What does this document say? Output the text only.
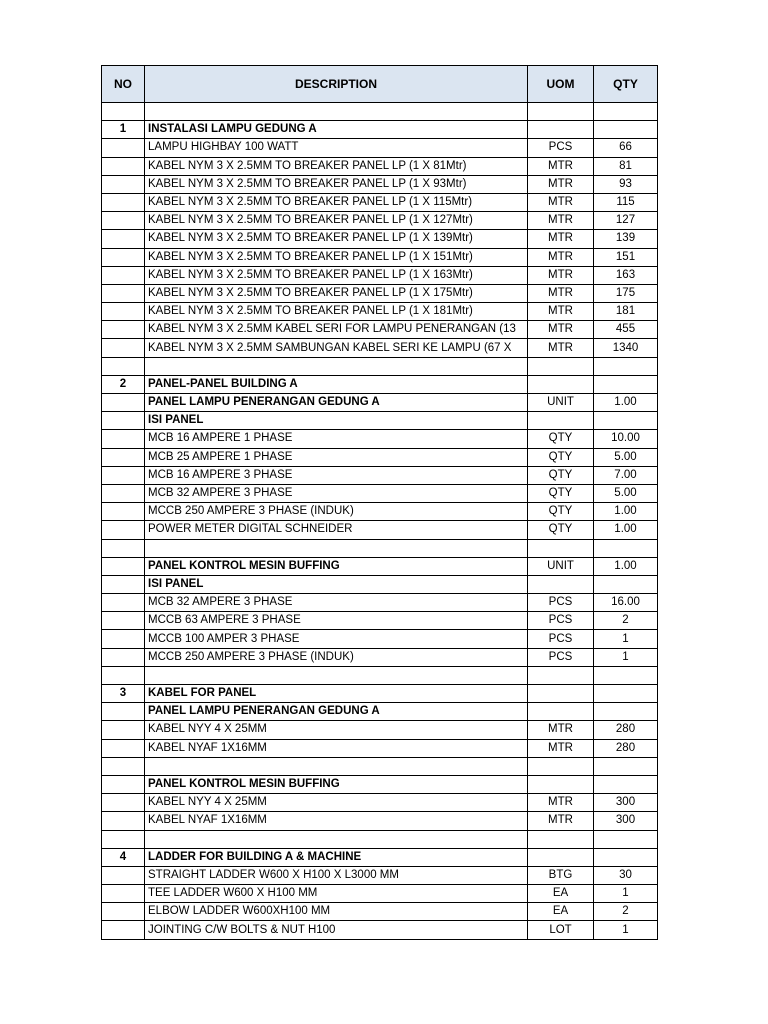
NO	DESCRIPTION	UOM	QTY

1	INSTALASI LAMPU GEDUNG A		
	LAMPU HIGHBAY 100 WATT	PCS	66
	KABEL NYM 3 X 2.5MM TO BREAKER PANEL LP (1 X 81Mtr)	MTR	81
	KABEL NYM 3 X 2.5MM TO BREAKER PANEL LP (1 X 93Mtr)	MTR	93
	KABEL NYM 3 X 2.5MM TO BREAKER PANEL LP (1 X 115Mtr)	MTR	115
	KABEL NYM 3 X 2.5MM TO BREAKER PANEL LP (1 X 127Mtr)	MTR	127
	KABEL NYM 3 X 2.5MM TO BREAKER PANEL LP (1 X 139Mtr)	MTR	139
	KABEL NYM 3 X 2.5MM TO BREAKER PANEL LP (1 X 151Mtr)	MTR	151
	KABEL NYM 3 X 2.5MM TO BREAKER PANEL LP (1 X 163Mtr)	MTR	163
	KABEL NYM 3 X 2.5MM TO BREAKER PANEL LP (1 X 175Mtr)	MTR	175
	KABEL NYM 3 X 2.5MM TO BREAKER PANEL LP (1 X 181Mtr)	MTR	181
	KABEL NYM 3 X 2.5MM KABEL SERI FOR LAMPU PENERANGAN (13	MTR	455
	KABEL NYM 3 X 2.5MM SAMBUNGAN KABEL SERI KE LAMPU (67 X	MTR	1340

2	PANEL-PANEL BUILDING A		
	PANEL LAMPU PENERANGAN GEDUNG A	UNIT	1.00
	ISI PANEL		
	MCB 16 AMPERE 1 PHASE	QTY	10.00
	MCB 25 AMPERE 1 PHASE	QTY	5.00
	MCB 16 AMPERE 3 PHASE	QTY	7.00
	MCB 32 AMPERE 3 PHASE	QTY	5.00
	MCCB 250 AMPERE 3 PHASE (INDUK)	QTY	1.00
	POWER METER DIGITAL SCHNEIDER	QTY	1.00

	PANEL KONTROL MESIN BUFFING	UNIT	1.00
	ISI PANEL		
	MCB 32 AMPERE 3 PHASE	PCS	16.00
	MCCB 63 AMPERE 3 PHASE	PCS	2
	MCCB 100 AMPER 3 PHASE	PCS	1
	MCCB 250 AMPERE 3 PHASE (INDUK)	PCS	1

3	KABEL FOR PANEL		
	PANEL LAMPU PENERANGAN GEDUNG A		
	KABEL NYY 4 X 25MM	MTR	280
	KABEL NYAF 1X16MM	MTR	280

	PANEL KONTROL MESIN BUFFING		
	KABEL NYY 4 X 25MM	MTR	300
	KABEL NYAF 1X16MM	MTR	300

4	LADDER FOR BUILDING A & MACHINE		
	STRAIGHT LADDER W600 X H100 X L3000 MM	BTG	30
	TEE LADDER W600 X H100 MM	EA	1
	ELBOW LADDER W600XH100 MM	EA	2
	JOINTING C/W BOLTS & NUT H100	LOT	1
